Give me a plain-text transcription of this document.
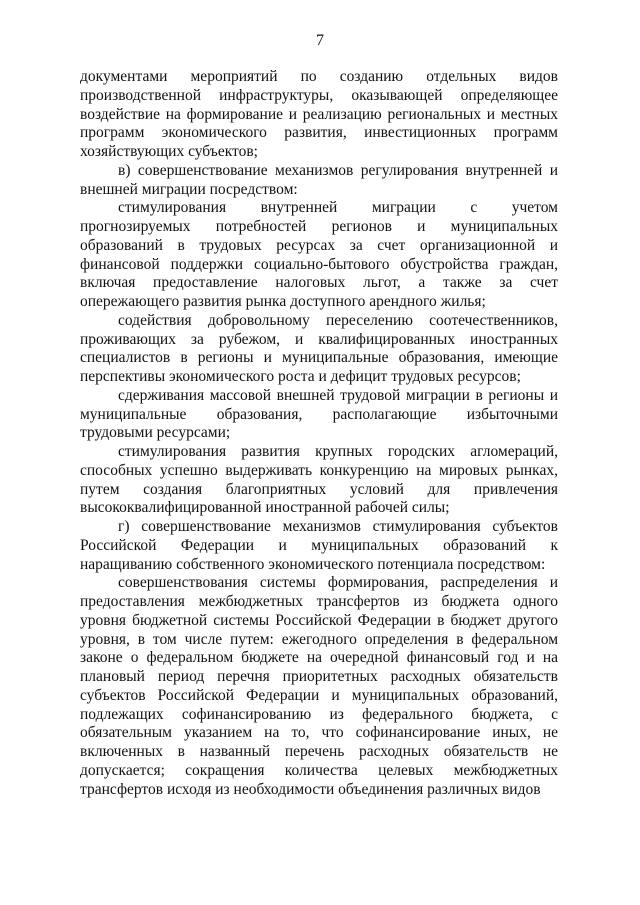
7
документами мероприятий по созданию отдельных видов
производственной инфраструктуры, оказывающей определяющее
воздействие на формирование и реализацию региональных и местных
программ экономического развития, инвестиционных программ
хозяйствующих субъектов;
в) совершенствование механизмов регулирования внутренней и
внешней миграции посредством:
стимулирования внутренней миграции с учетом
прогнозируемых потребностей регионов и муниципальных
образований в трудовых ресурсах за счет организационной и
финансовой поддержки социально-бытового обустройства граждан,
включая предоставление налоговых льгот, а также за счет
опережающего развития рынка доступного арендного жилья;
содействия добровольному переселению соотечественников,
проживающих за рубежом, и квалифицированных иностранных
специалистов в регионы и муниципальные образования, имеющие
перспективы экономического роста и дефицит трудовых ресурсов;
сдерживания массовой внешней трудовой миграции в регионы и
муниципальные образования, располагающие избыточными
трудовыми ресурсами;
стимулирования развития крупных городских агломераций,
способных успешно выдерживать конкуренцию на мировых рынках,
путем создания благоприятных условий для привлечения
высококвалифицированной иностранной рабочей силы;
г) совершенствование механизмов стимулирования субъектов
Российской Федерации и муниципальных образований к
наращиванию собственного экономического потенциала посредством:
совершенствования системы формирования, распределения и
предоставления межбюджетных трансфертов из бюджета одного
уровня бюджетной системы Российской Федерации в бюджет другого
уровня, в том числе путем: ежегодного определения в федеральном
законе о федеральном бюджете на очередной финансовый год и на
плановый период перечня приоритетных расходных обязательств
субъектов Российской Федерации и муниципальных образований,
подлежащих софинансированию из федерального бюджета, с
обязательным указанием на то, что софинансирование иных, не
включенных в названный перечень расходных обязательств не
допускается; сокращения количества целевых межбюджетных
трансфертов исходя из необходимости объединения различных видов
